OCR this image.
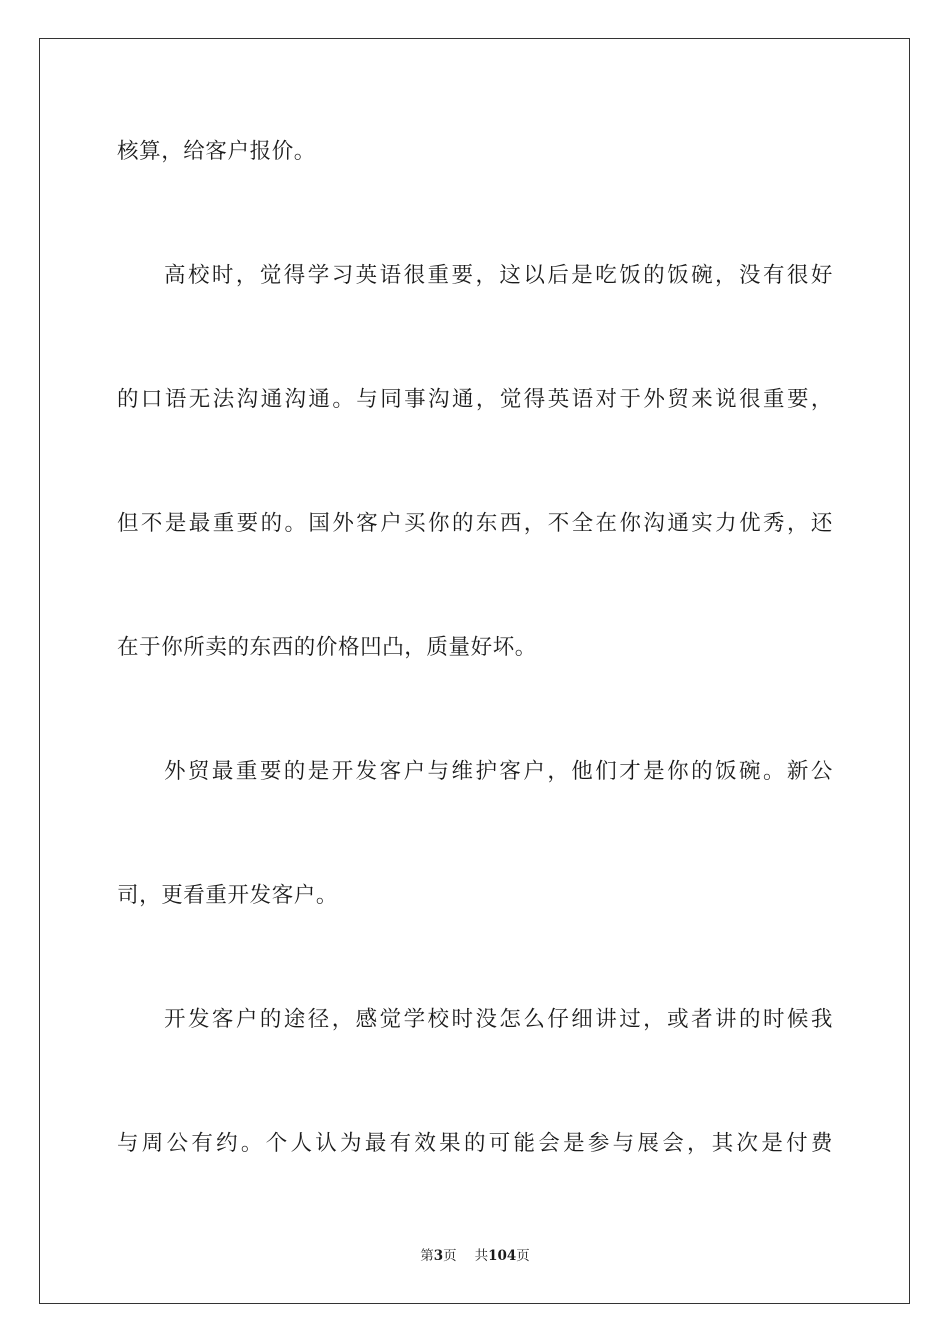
核算，给客户报价。
高校时，觉得学习英语很重要，这以后是吃饭的饭碗，没有很好
的口语无法沟通沟通。与同事沟通，觉得英语对于外贸来说很重要，
但不是最重要的。国外客户买你的东西，不全在你沟通实力优秀，还
在于你所卖的东西的价格凹凸，质量好坏。
外贸最重要的是开发客户与维护客户，他们才是你的饭碗。新公
司，更看重开发客户。
开发客户的途径，感觉学校时没怎么仔细讲过，或者讲的时候我
与周公有约。个人认为最有效果的可能会是参与展会，其次是付费
第3页 共104页
